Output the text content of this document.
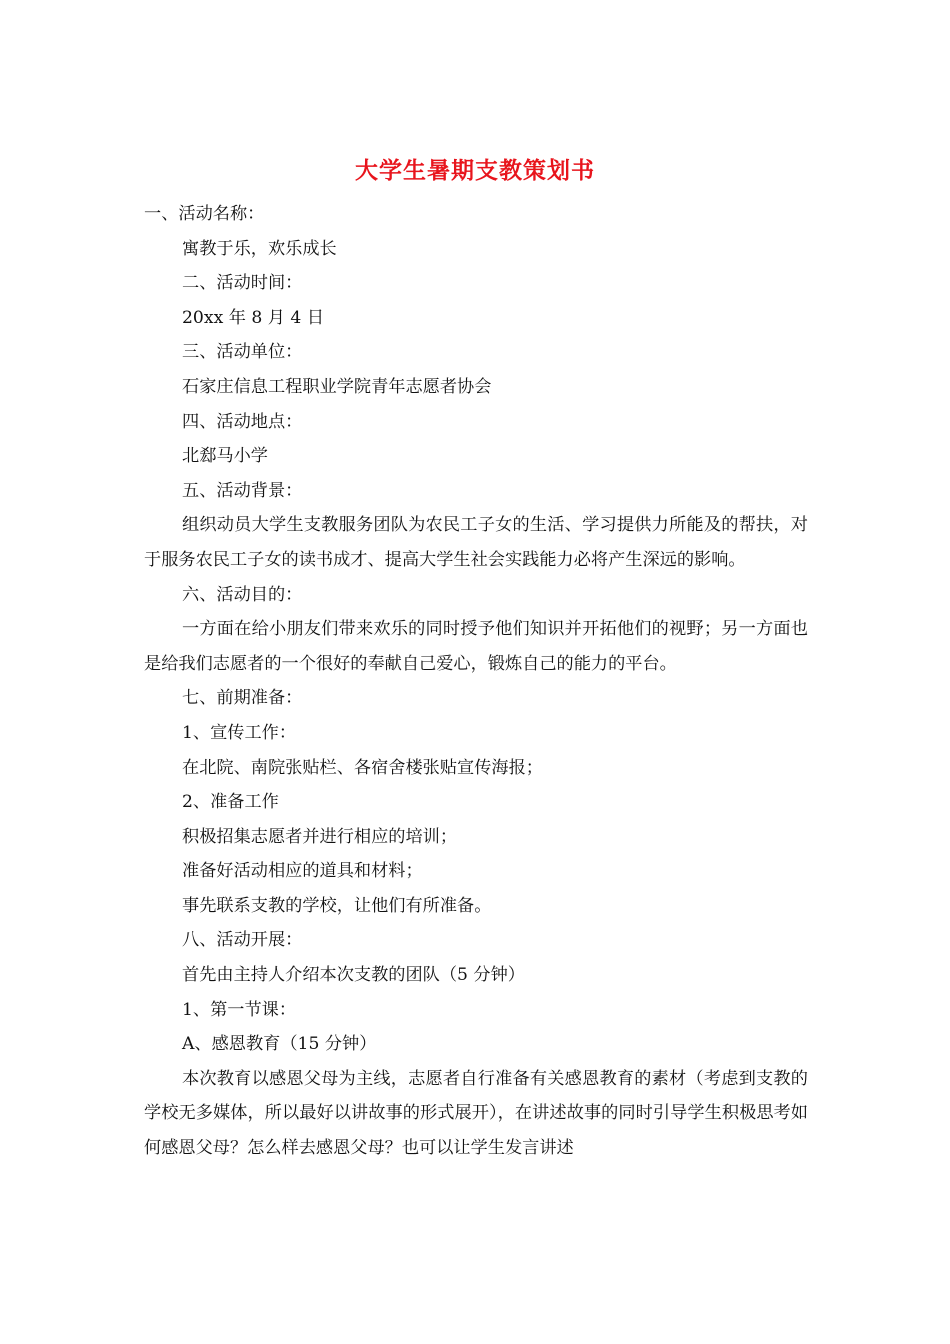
大学生暑期支教策划书

一、活动名称：

寓教于乐，欢乐成长

二、活动时间：

20xx 年 8 月 4 日

三、活动单位：

石家庄信息工程职业学院青年志愿者协会

四、活动地点：

北郄马小学

五、活动背景：

组织动员大学生支教服务团队为农民工子女的生活、学习提供力所能及的帮扶，对于服务农民工子女的读书成才、提高大学生社会实践能力必将产生深远的影响。

六、活动目的：

一方面在给小朋友们带来欢乐的同时授予他们知识并开拓他们的视野；另一方面也是给我们志愿者的一个很好的奉献自己爱心，锻炼自己的能力的平台。

七、前期准备：

1、宣传工作：

在北院、南院张贴栏、各宿舍楼张贴宣传海报；

2、准备工作

积极招集志愿者并进行相应的培训；

准备好活动相应的道具和材料；

事先联系支教的学校，让他们有所准备。

八、活动开展：

首先由主持人介绍本次支教的团队（5 分钟）

1、第一节课：

A、感恩教育（15 分钟）

本次教育以感恩父母为主线，志愿者自行准备有关感恩教育的素材（考虑到支教的学校无多媒体，所以最好以讲故事的形式展开），在讲述故事的同时引导学生积极思考如何感恩父母？怎么样去感恩父母？也可以让学生发言讲述
